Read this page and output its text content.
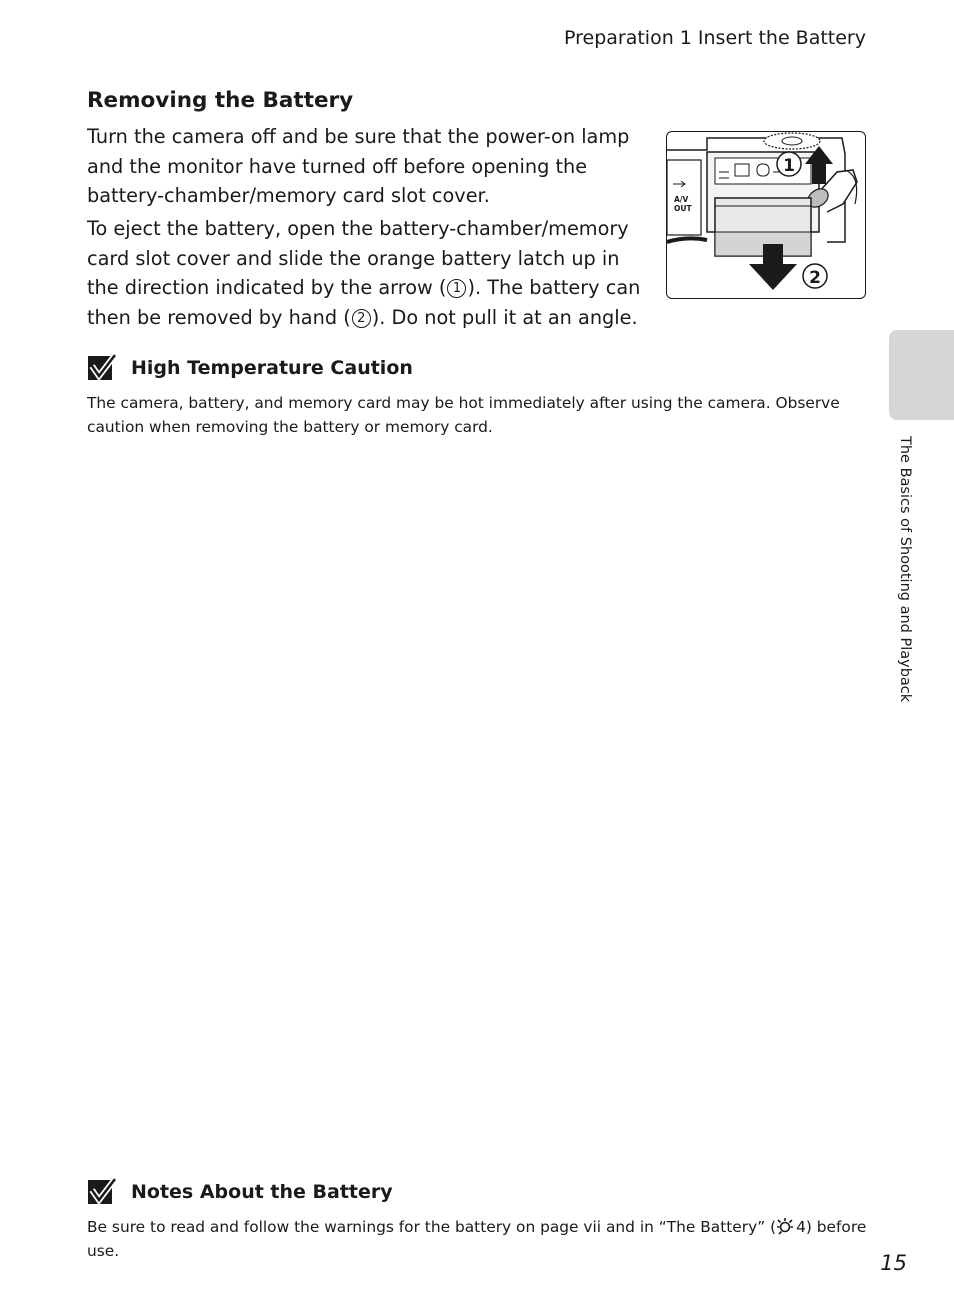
Preparation 1 Insert the Battery
Removing the Battery

Turn the camera off and be sure that the power-on lamp and the monitor have turned off before opening the battery-chamber/memory card slot cover.

To eject the battery, open the battery-chamber/memory card slot cover and slide the orange battery latch up in the direction indicated by the arrow ( 1 ). The battery can then be removed by hand ( 2 ). Do not pull it at an angle.

A/V
OUT
1
2
High Temperature Caution

The camera, battery, and memory card may be hot immediately after using the camera. Observe caution when removing the battery or memory card.

The Basics of Shooting and Playback
Notes About the Battery

Be sure to read and follow the warnings for the battery on page vii and in “The Battery” ( 4) before use.	15
